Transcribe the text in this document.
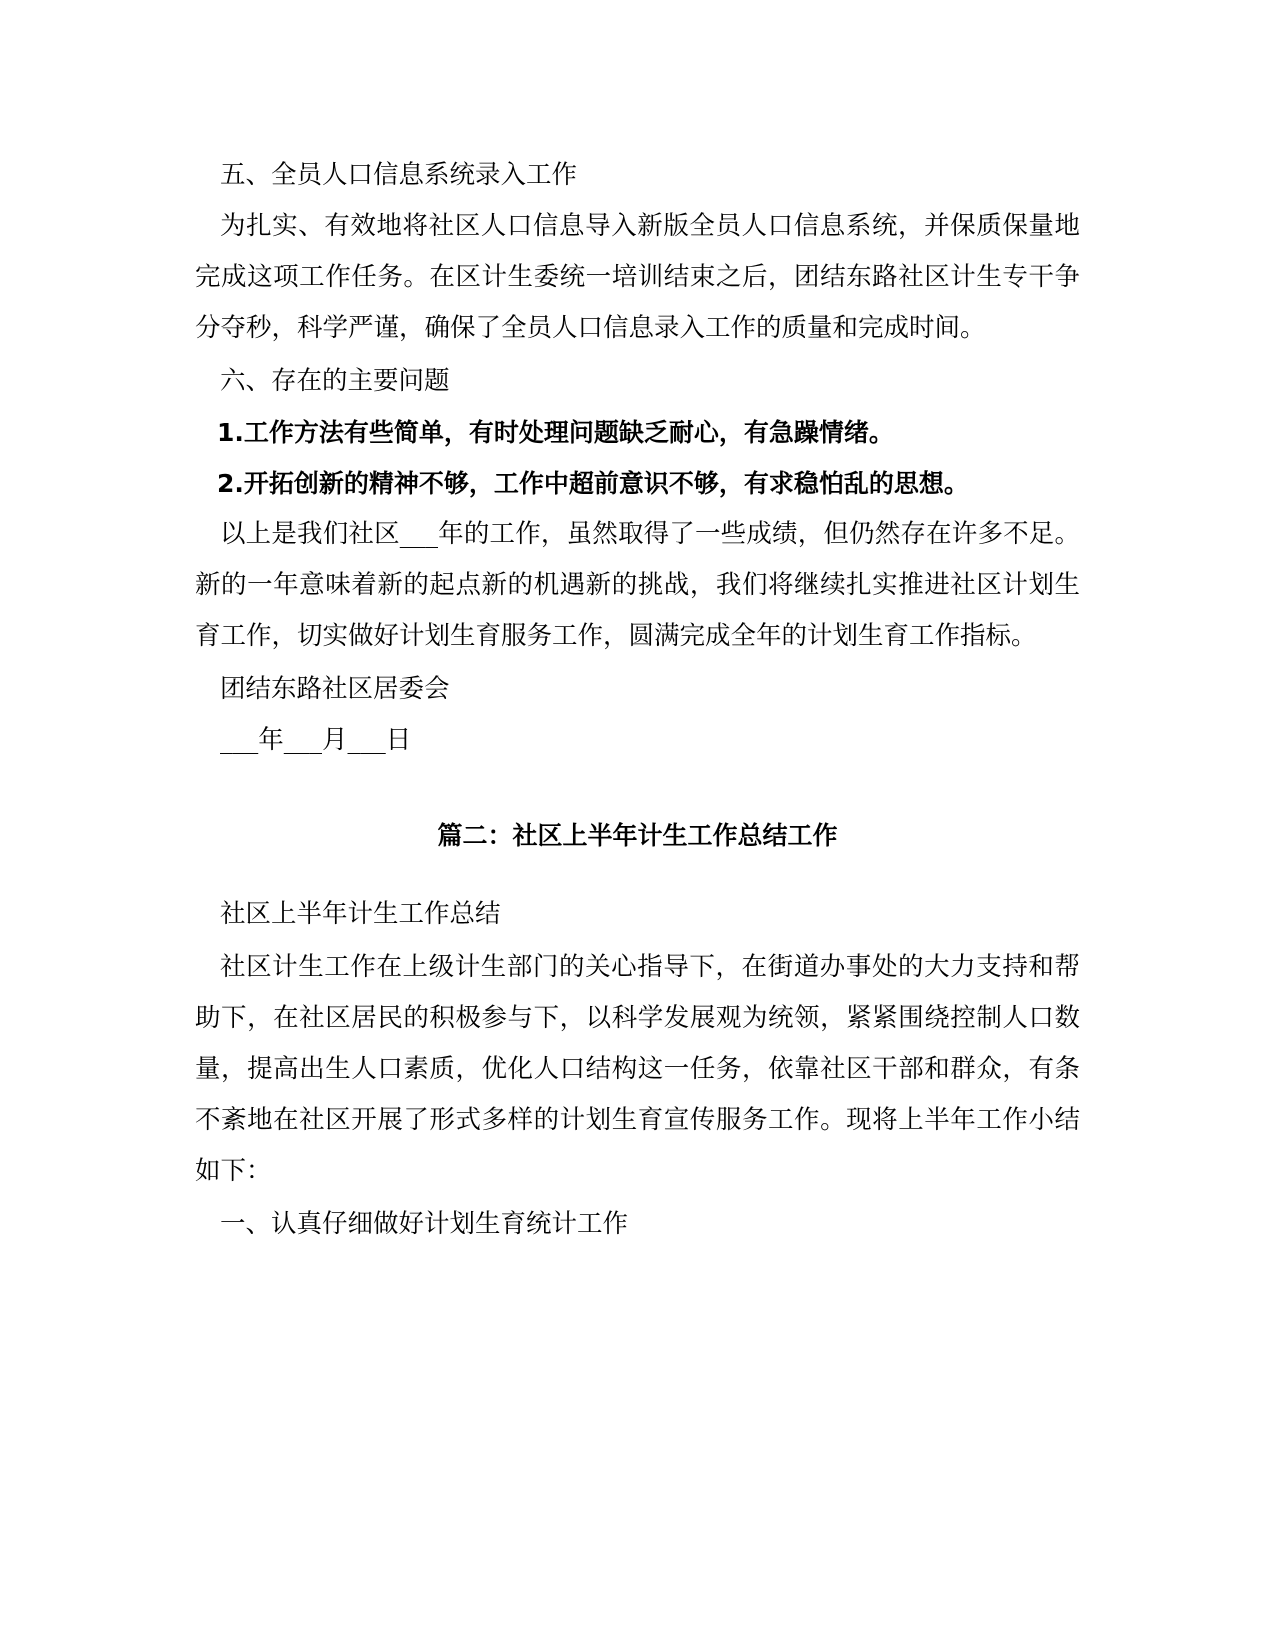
五、全员人口信息系统录入工作

为扎实、有效地将社区人口信息导入新版全员人口信息系统，并保质保量地完成这项工作任务。在区计生委统一培训结束之后，团结东路社区计生专干争分夺秒，科学严谨，确保了全员人口信息录入工作的质量和完成时间。

六、存在的主要问题

1.工作方法有些简单，有时处理问题缺乏耐心，有急躁情绪。

2.开拓创新的精神不够，工作中超前意识不够，有求稳怕乱的思想。

以上是我们社区___年的工作，虽然取得了一些成绩，但仍然存在许多不足。新的一年意味着新的起点新的机遇新的挑战，我们将继续扎实推进社区计划生育工作，切实做好计划生育服务工作，圆满完成全年的计划生育工作指标。

团结东路社区居委会

___年___月___日

篇二：社区上半年计生工作总结工作

社区上半年计生工作总结

社区计生工作在上级计生部门的关心指导下，在街道办事处的大力支持和帮助下，在社区居民的积极参与下，以科学发展观为统领，紧紧围绕控制人口数量，提高出生人口素质，优化人口结构这一任务，依靠社区干部和群众，有条不紊地在社区开展了形式多样的计划生育宣传服务工作。现将上半年工作小结如下：

一、认真仔细做好计划生育统计工作
